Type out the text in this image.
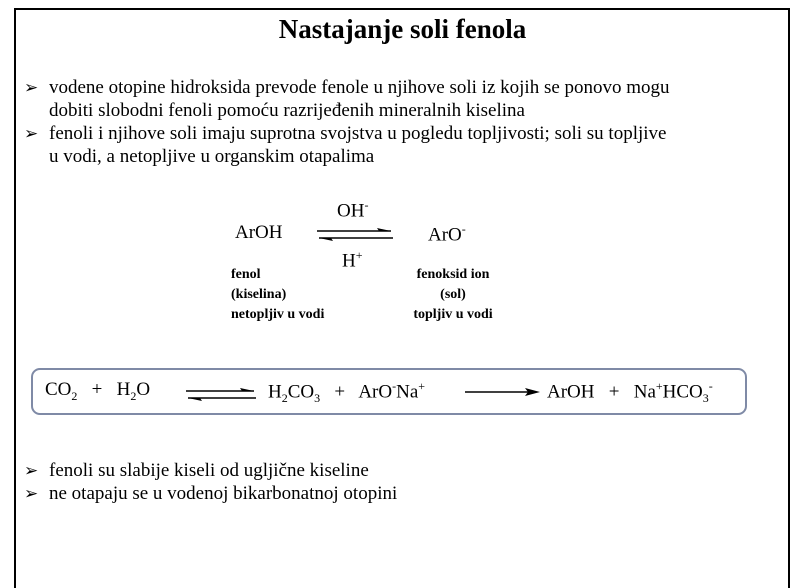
Nastajanje soli fenola
➢ vodene otopine hidroksida prevode fenole u njihove soli iz kojih se ponovo mogu
dobiti slobodni fenoli pomoću razrijeđenih mineralnih kiselina
➢ fenoli i njihove soli imaju suprotna svojstva u pogledu topljivosti; soli su topljive
u vodi, a netopljive u organskim otapalima
ArOH
OH-
H+
ArO-
fenol
(kiselina)
netopljiv u vodi
fenoksid ion
(sol)
topljiv u vodi
$CO_2 + H_2O$	$H_2CO_3 + ArO^-Na^+$	ArOH + $Na^+HCO_3^-$
➢ fenoli su slabije kiseli od ugljične kiseline
➢ ne otapaju se u vodenoj bikarbonatnoj otopini
